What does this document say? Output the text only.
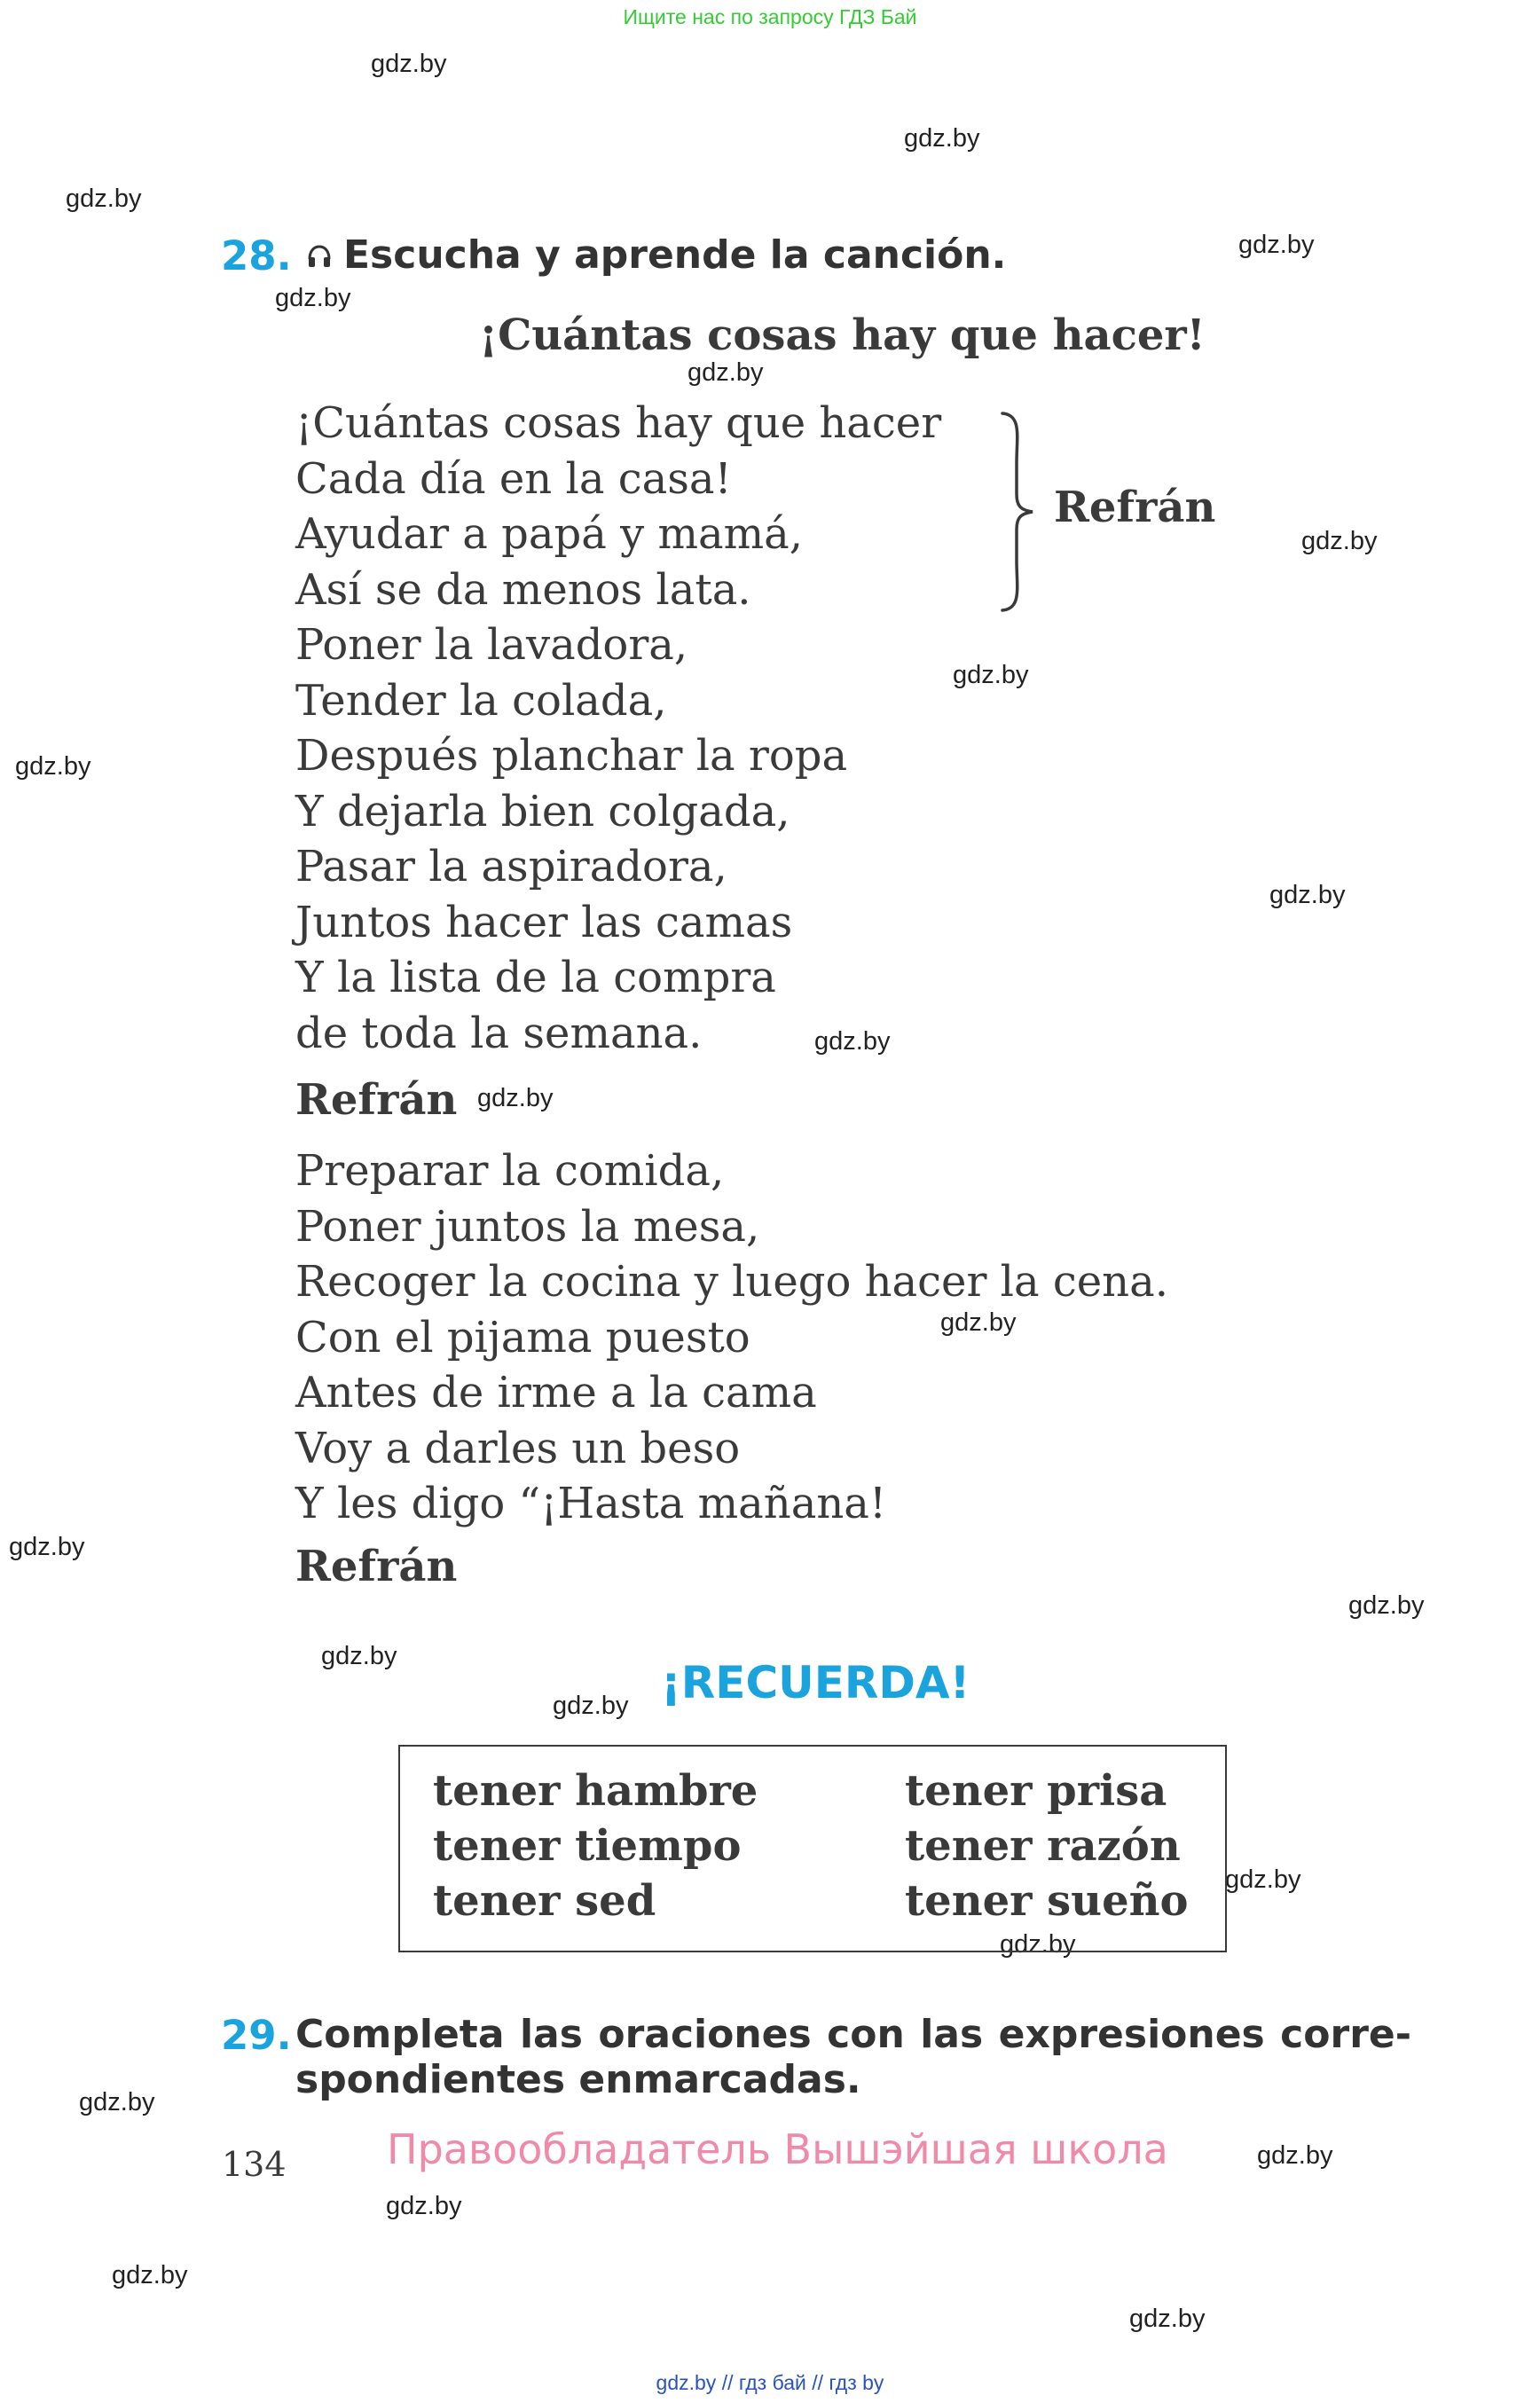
Ищите нас по запросу ГДЗ Бай
gdz.by
gdz.by
gdz.by
gdz.by
gdz.by
gdz.by
gdz.by
gdz.by
gdz.by
gdz.by
gdz.by
gdz.by
gdz.by
gdz.by
gdz.by
gdz.by
gdz.by
gdz.by
gdz.by
gdz.by
gdz.by
gdz.by
gdz.by
gdz.by
28. Escucha y aprende la canción.
¡Cuántas cosas hay que hacer!
¡Cuántas cosas hay que hacer
Cada día en la casa!
Ayudar a papá y mamá,
Así se da menos lata.
Poner la lavadora,
Tender la colada,
Después planchar la ropa
Y dejarla bien colgada,
Pasar la aspiradora,
Juntos hacer las camas
Y la lista de la compra
de toda la semana.
Refrán
Refrán
Preparar la comida,
Poner juntos la mesa,
Recoger la cocina y luego hacer la cena.
Con el pijama puesto
Antes de irme a la cama
Voy a darles un beso
Y les digo “¡Hasta mañana!
Refrán
¡RECUERDA!
tener hambre
tener tiempo
tener sed
tener prisa
tener razón
tener sueño
29. Completa las oraciones con las expresiones corre-
spondientes enmarcadas.
134 Правообладатель Вышэйшая школа
gdz.by // гдз бай // гдз by
